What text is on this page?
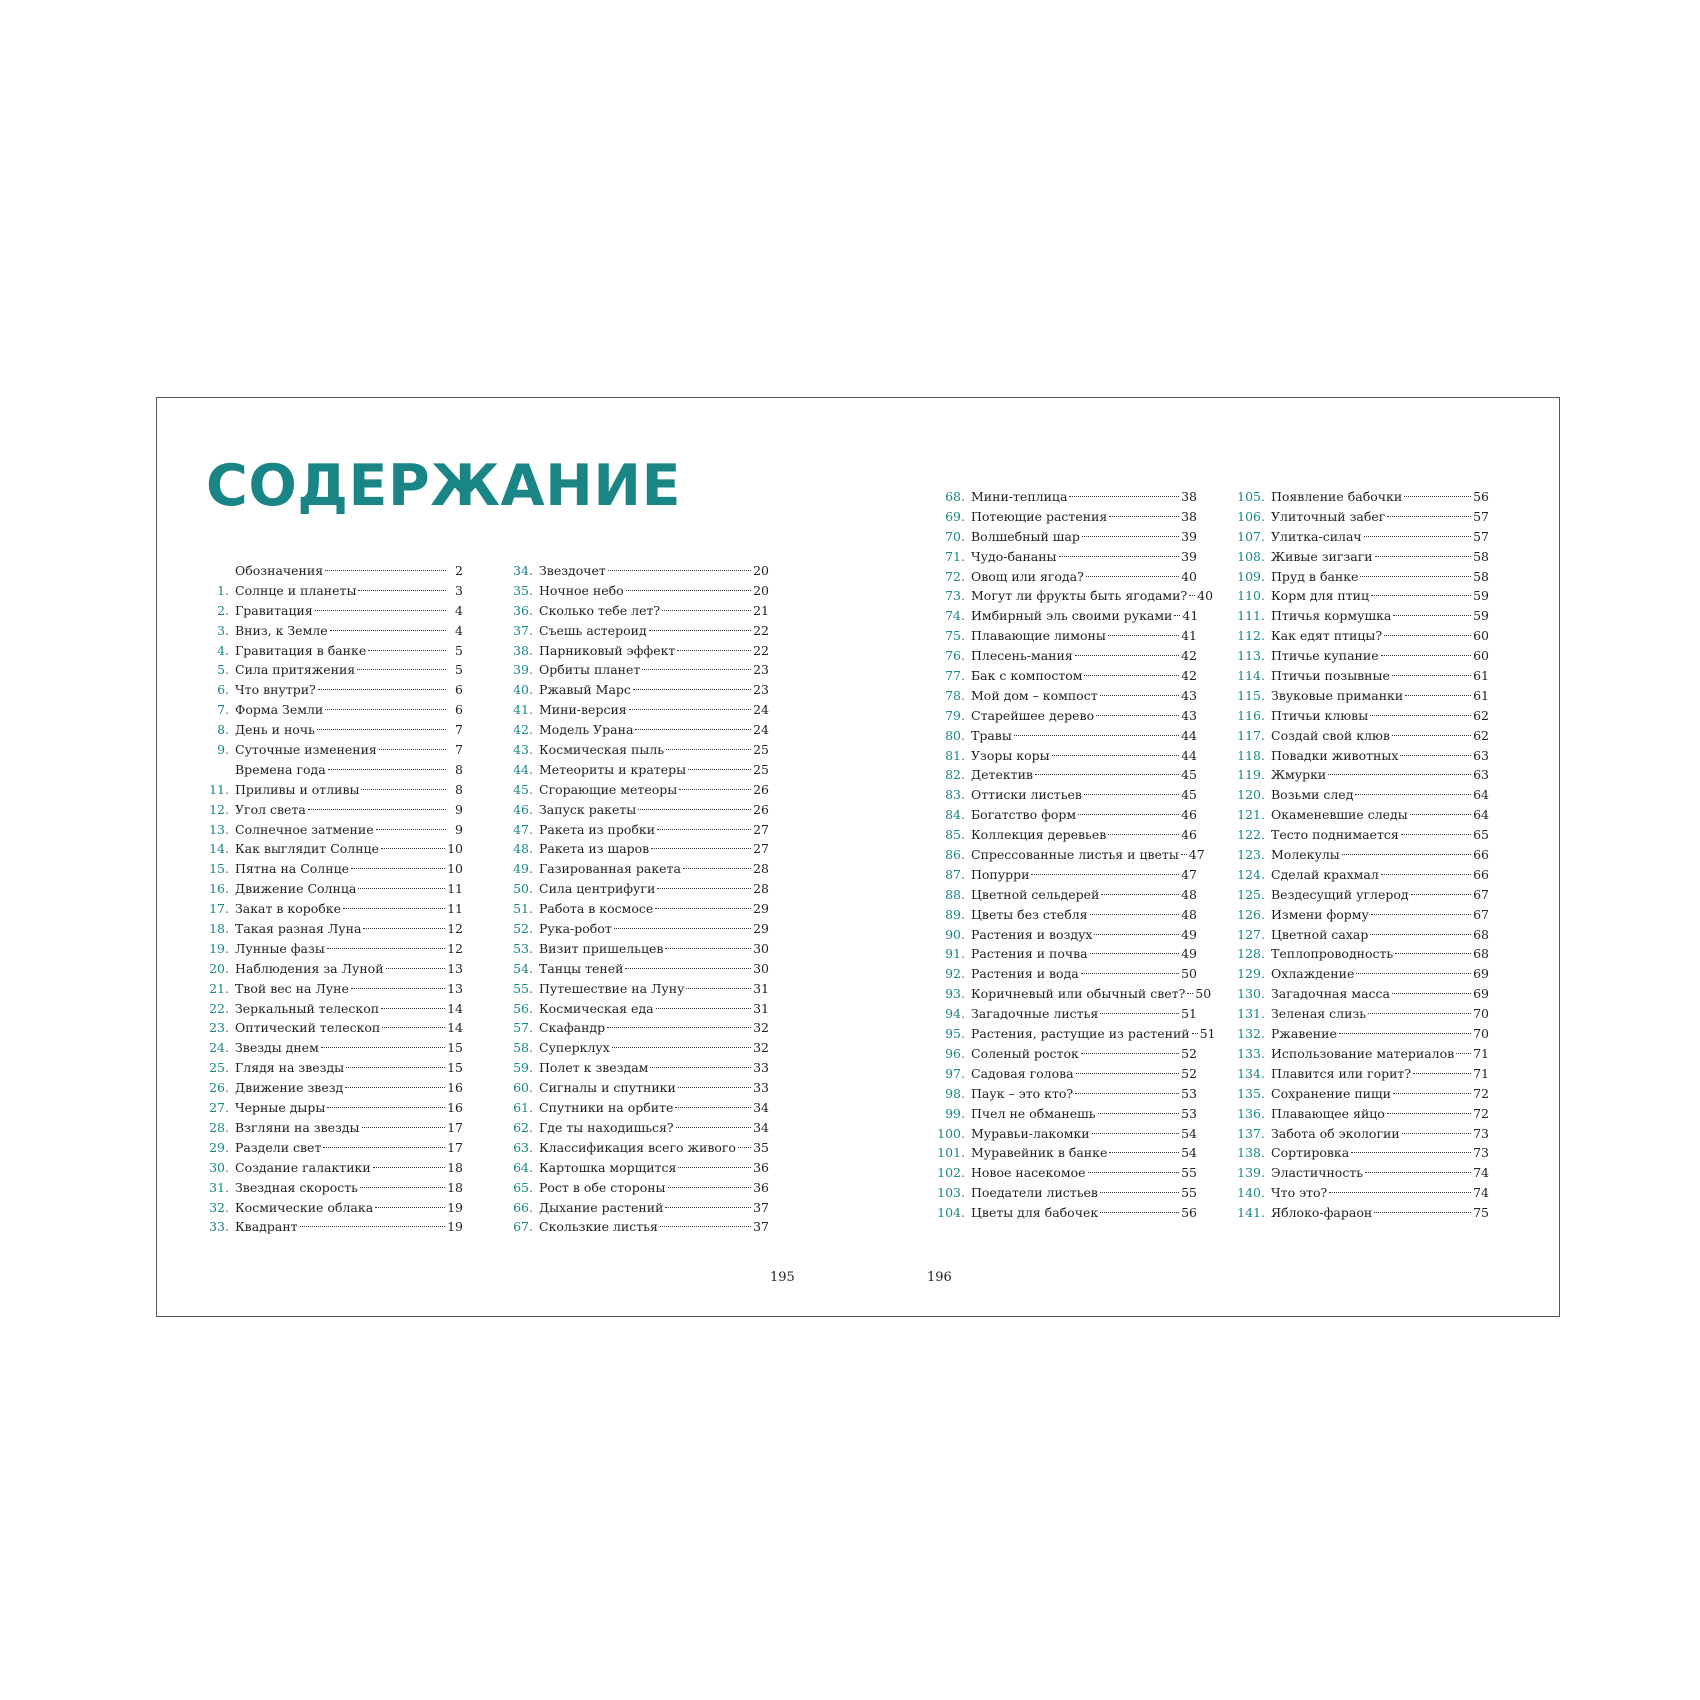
СОДЕРЖАНИЕ
Обозначения	2
1. Солнце и планеты	3
2. Гравитация	4
3. Вниз, к Земле	4
4. Гравитация в банке	5
5. Сила притяжения	5
6. Что внутри?	6
7. Форма Земли	6
8. День и ночь	7
9. Суточные изменения	7
Времена года	8
11. Приливы и отливы	8
12. Угол света	9
13. Солнечное затмение	9
14. Как выглядит Солнце	10
15. Пятна на Солнце	10
16. Движение Солнца	11
17. Закат в коробке	11
18. Такая разная Луна	12
19. Лунные фазы	12
20. Наблюдения за Луной	13
21. Твой вес на Луне	13
22. Зеркальный телескоп	14
23. Оптический телескоп	14
24. Звезды днем	15
25. Глядя на звезды	15
26. Движение звезд	16
27. Черные дыры	16
28. Взгляни на звезды	17
29. Раздели свет	17
30. Создание галактики	18
31. Звездная скорость	18
32. Космические облака	19
33. Квадрант	19
34. Звездочет	20
35. Ночное небо	20
36. Сколько тебе лет?	21
37. Съешь астероид	22
38. Парниковый эффект	22
39. Орбиты планет	23
40. Ржавый Марс	23
41. Мини-версия	24
42. Модель Урана	24
43. Космическая пыль	25
44. Метеориты и кратеры	25
45. Сгорающие метеоры	26
46. Запуск ракеты	26
47. Ракета из пробки	27
48. Ракета из шаров	27
49. Газированная ракета	28
50. Сила центрифуги	28
51. Работа в космосе	29
52. Рука-робот	29
53. Визит пришельцев	30
54. Танцы теней	30
55. Путешествие на Луну	31
56. Космическая еда	31
57. Скафандр	32
58. Суперклух	32
59. Полет к звездам	33
60. Сигналы и спутники	33
61. Спутники на орбите	34
62. Где ты находишься?	34
63. Классификация всего живого 35
64. Картошка морщится	36
65. Рост в обе стороны	36
66. Дыхание растений	37
67. Скользкие листья	37
68. Мини-теплица	38
69. Потеющие растения	38
70. Волшебный шар	39
71. Чудо-бананы	39
72. Овощ или ягода?	40
73. Могут ли фрукты быть ягодами? 40
74. Имбирный эль своими руками 41
75. Плавающие лимоны	41
76. Плесень-мания	42
77. Бак с компостом	42
78. Мой дом – компост	43
79. Старейшее дерево	43
80. Травы	44
81. Узоры коры	44
82. Детектив	45
83. Оттиски листьев	45
84. Богатство форм	46
85. Коллекция деревьев	46
86. Спрессованные листья и цветы 47
87. Попурри	47
88. Цветной сельдерей	48
89. Цветы без стебля	48
90. Растения и воздух	49
91. Растения и почва	49
92. Растения и вода	50
93. Коричневый или обычный свет? 50
94. Загадочные листья	51
95. Растения, растущие из растений 51
96. Соленый росток	52
97. Садовая голова	52
98. Паук – это кто?	53
99. Пчел не обманешь	53
100. Муравьи-лакомки	54
101. Муравейник в банке	54
102. Новое насекомое	55
103. Поедатели листьев	55
104. Цветы для бабочек	56
105. Появление бабочки	56
106. Улиточный забег	57
107. Улитка-силач	57
108. Живые зигзаги	58
109. Пруд в банке	58
110. Корм для птиц	59
111. Птичья кормушка	59
112. Как едят птицы?	60
113. Птичье купание	60
114. Птичьи позывные	61
115. Звуковые приманки	61
116. Птичьи клювы	62
117. Создай свой клюв	62
118. Повадки животных	63
119. Жмурки	63
120. Возьми след	64
121. Окаменевшие следы	64
122. Тесто поднимается	65
123. Молекулы	66
124. Сделай крахмал	66
125. Вездесущий углерод	67
126. Измени форму	67
127. Цветной сахар	68
128. Теплопроводность	68
129. Охлаждение	69
130. Загадочная масса	69
131. Зеленая слизь	70
132. Ржавение	70
133. Использование материалов 71
134. Плавится или горит?	71
135. Сохранение пищи	72
136. Плавающее яйцо	72
137. Забота об экологии	73
138. Сортировка	73
139. Эластичность	74
140. Что это?	74
141. Яблоко-фараон	75
195	196
